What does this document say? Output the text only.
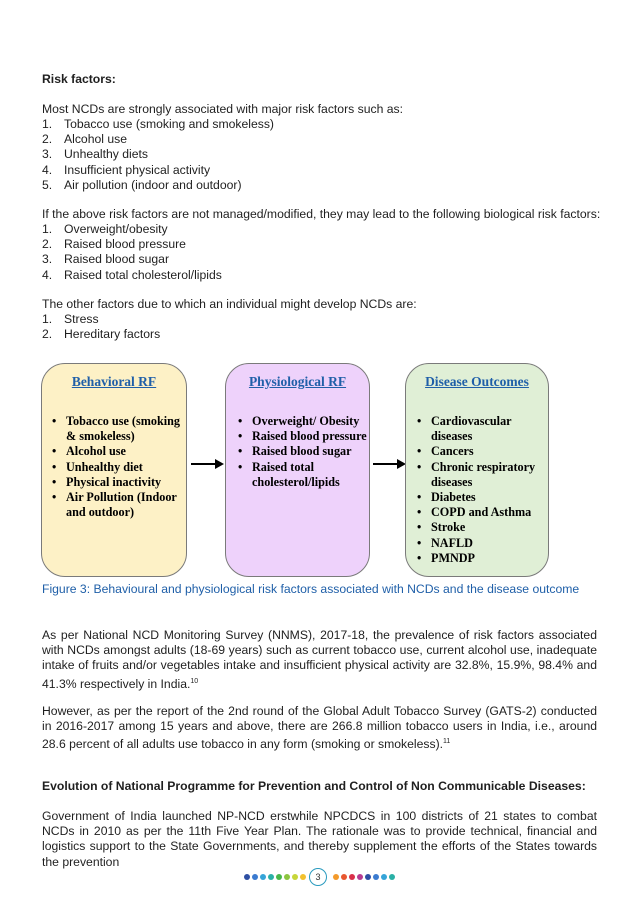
Risk factors:
Most NCDs are strongly associated with major risk factors such as:
1. Tobacco use (smoking and smokeless)
2. Alcohol use
3. Unhealthy diets
4. Insufficient physical activity
5. Air pollution (indoor and outdoor)
If the above risk factors are not managed/modified, they may lead to the following biological risk factors:
1. Overweight/obesity
2. Raised blood pressure
3. Raised blood sugar
4. Raised total cholesterol/lipids
The other factors due to which an individual might develop NCDs are:
1. Stress
2. Hereditary factors
Behavioral RF
• Tobacco use (smoking & smokeless)
• Alcohol use
• Unhealthy diet
• Physical inactivity
• Air Pollution (Indoor and outdoor)
Physiological RF
• Overweight/ Obesity
• Raised blood pressure
• Raised blood sugar
• Raised total cholesterol/lipids
Disease Outcomes
• Cardiovascular diseases
• Cancers
• Chronic respiratory diseases
• Diabetes
• COPD and Asthma
• Stroke
• NAFLD
• PMNDP
Figure 3: Behavioural and physiological risk factors associated with NCDs and the disease outcome

As per National NCD Monitoring Survey (NNMS), 2017-18, the prevalence of risk factors associated with NCDs amongst adults (18-69 years) such as current tobacco use, current alcohol use, inadequate intake of fruits and/or vegetables intake and insufficient physical activity are 32.8%, 15.9%, 98.4% and 41.3% respectively in India.$^{10}$

However, as per the report of the 2nd round of the Global Adult Tobacco Survey (GATS-2) conducted in 2016-2017 among 15 years and above, there are 266.8 million tobacco users in India, i.e., around 28.6 percent of all adults use tobacco in any form (smoking or smokeless).$^{11}$

Evolution of National Programme for Prevention and Control of Non Communicable Diseases:

Government of India launched NP-NCD erstwhile NPCDCS in 100 districts of 21 states to combat NCDs in 2010 as per the 11th Five Year Plan. The rationale was to provide technical, financial and logistics support to the State Governments, and thereby supplement the efforts of the States towards the prevention

3
